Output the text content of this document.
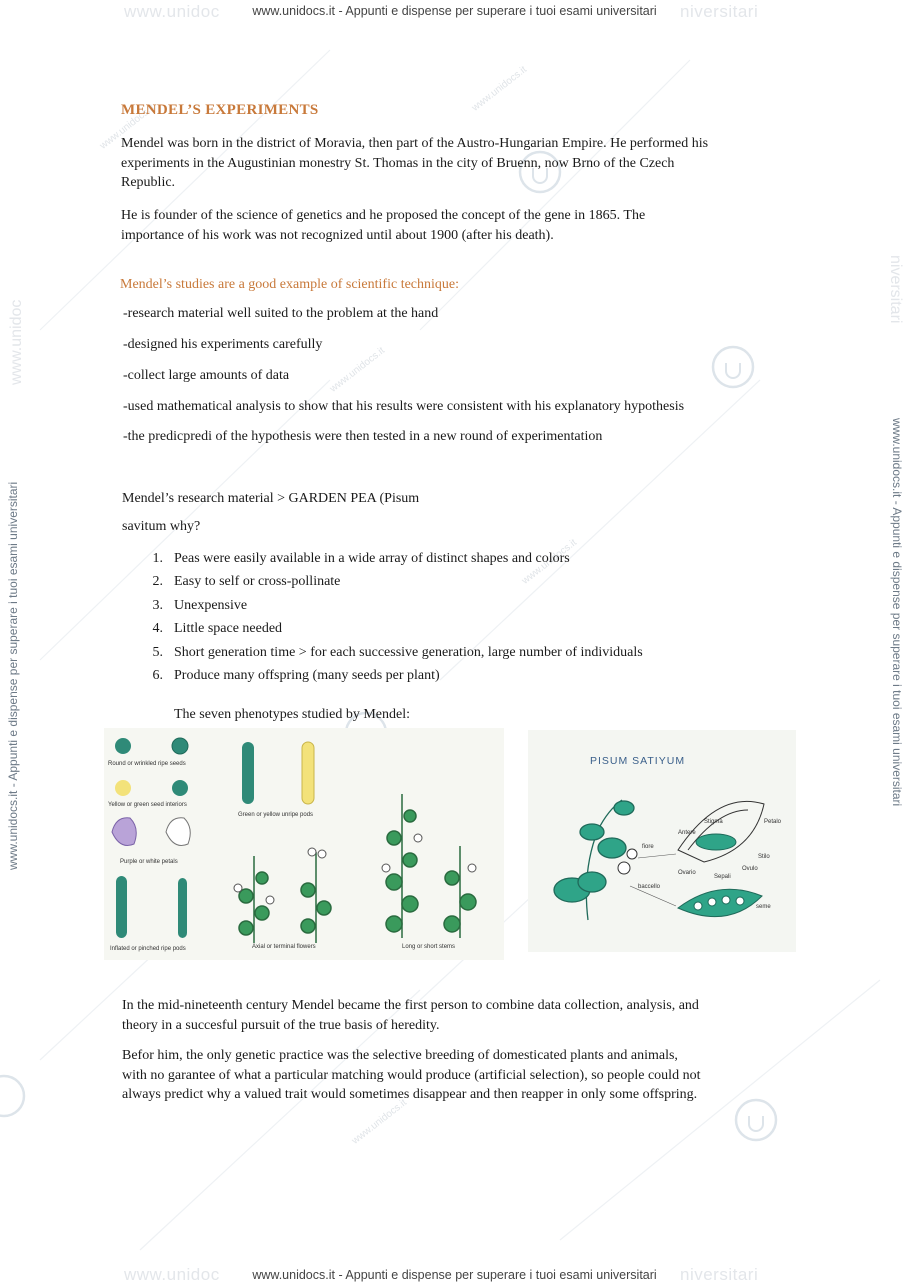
www.unidocs.it
www.unidocs.it
www.unidocs.it
www.unidocs.it
www.unidocs.it
www.unidoc	niversitari
www.unidocs.it - Appunti e dispense per superare i tuoi esami universitari
www.unidoc	niversitari
www.unidocs.it - Appunti e dispense per superare i tuoi esami universitari
www.unidoc
www.unidocs.it - Appunti e dispense per superare i tuoi esami universitari
niversitari
www.unidocs.it - Appunti e dispense per superare i tuoi esami universitari
MENDEL’S EXPERIMENTS
Mendel was born in the district of Moravia, then part of the Austro-Hungarian Empire. He performed his
experiments in the Augustinian monestry St. Thomas in the city of Bruenn, now Brno of the Czech
Republic.
He is founder of the science of genetics and he proposed the concept of the gene in 1865. The
importance of his work was not recognized until about 1900 (after his death).
Mendel’s studies are a good example of scientific technique:
-research material well suited to the problem at the hand
-designed his experiments carefully
-collect large amounts of data
-used mathematical analysis to show that his results were consistent with his explanatory hypothesis
-the predicpredi of the hypothesis were then tested in a new round of experimentation
Mendel’s research material > GARDEN PEA (Pisum
savitum why?
1. Peas were easily available in a wide array of distinct shapes and colors
2. Easy to self or cross-pollinate
3. Unexpensive
4. Little space needed
5. Short generation time > for each successive generation, large number of individuals
6. Produce many offspring (many seeds per plant)
The seven phenotypes studied by Mendel:
Round or wrinkled ripe seeds
Yellow or green seed interiors
Purple or white petals
Inflated or pinched ripe pods
Green or yellow unripe pods
Axial or terminal flowers	Long or short stems
PISUM SATIYUM
Stigma	Petalo
Antere
Stilo
fiore
Ovario
Sepali
Ovulo
baccello
seme
In the mid-nineteenth century Mendel became the first person to combine data collection, analysis, and
theory in a succesful pursuit of the true basis of heredity.
Befor him, the only genetic practice was the selective breeding of domesticated plants and animals,
with no garantee of what a particular matching would produce (artificial selection), so people could not
always predict why a valued trait would sometimes disappear and then reapper in only some offspring.
